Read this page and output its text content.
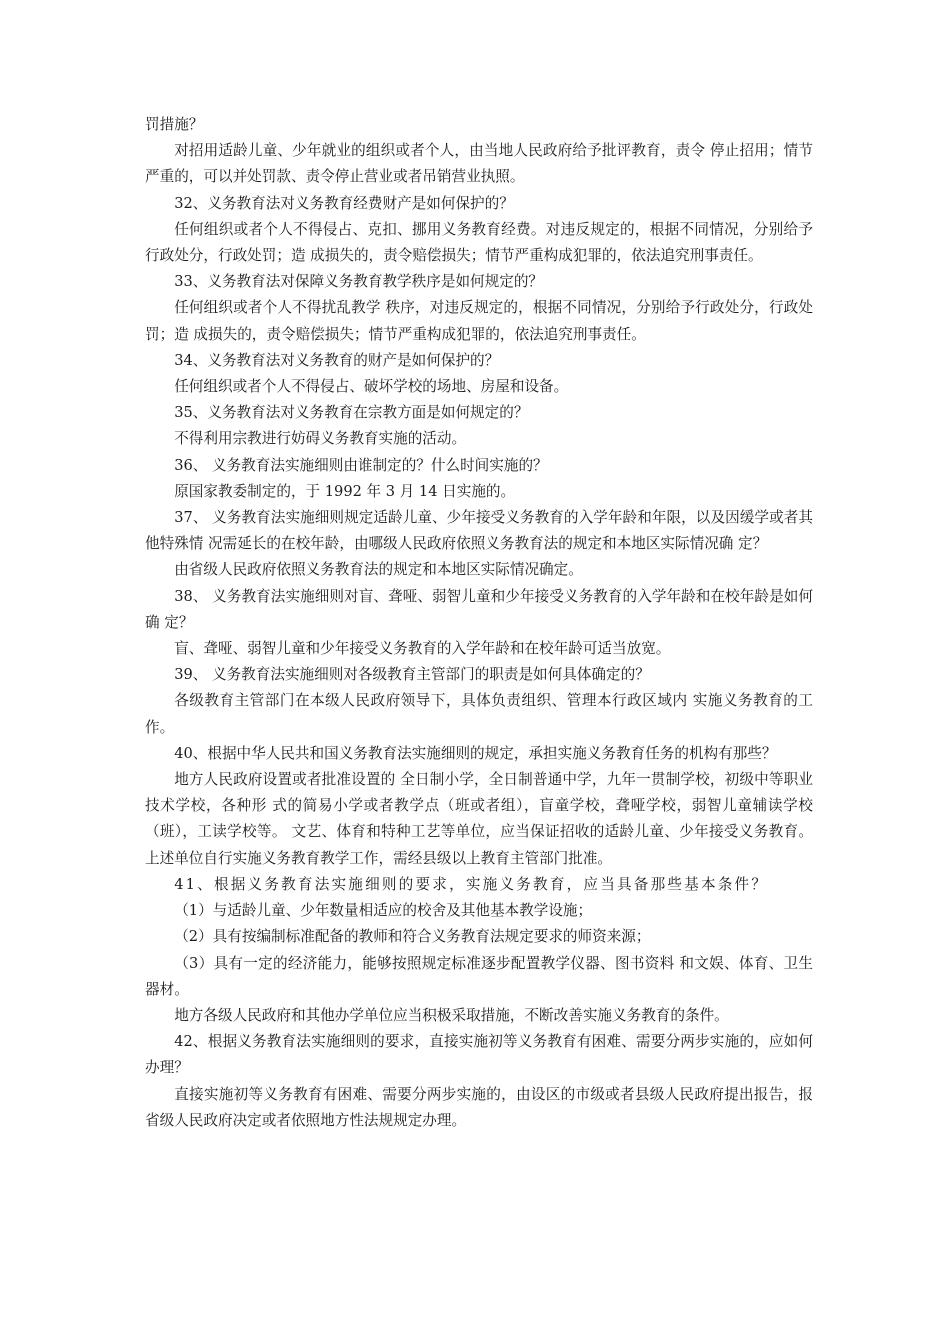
罚措施？

对招用适龄儿童、少年就业的组织或者个人，由当地人民政府给予批评教育，责令 停止招用；情节严重的，可以并处罚款、责令停止营业或者吊销营业执照。

32、义务教育法对义务教育经费财产是如何保护的？

任何组织或者个人不得侵占、克扣、挪用义务教育经费。对违反规定的，根据不同情况，分别给予行政处分，行政处罚；造 成损失的，责令赔偿损失；情节严重构成犯罪的，依法追究刑事责任。

33、义务教育法对保障义务教育教学秩序是如何规定的？

任何组织或者个人不得扰乱教学 秩序，对违反规定的，根据不同情况，分别给予行政处分，行政处罚；造 成损失的，责令赔偿损失；情节严重构成犯罪的，依法追究刑事责任。

34、义务教育法对义务教育的财产是如何保护的？

任何组织或者个人不得侵占、破坏学校的场地、房屋和设备。

35、义务教育法对义务教育在宗教方面是如何规定的？

不得利用宗教进行妨碍义务教育实施的活动。

36、 义务教育法实施细则由谁制定的？什么时间实施的？

原国家教委制定的，于 1992 年 3 月 14 日实施的。

37、 义务教育法实施细则规定适龄儿童、少年接受义务教育的入学年龄和年限，以及因缓学或者其他特殊情 况需延长的在校年龄，由哪级人民政府依照义务教育法的规定和本地区实际情况确 定？

由省级人民政府依照义务教育法的规定和本地区实际情况确定。

38、 义务教育法实施细则对盲、聋哑、弱智儿童和少年接受义务教育的入学年龄和在校年龄是如何确 定？

盲、聋哑、弱智儿童和少年接受义务教育的入学年龄和在校年龄可适当放宽。

39、 义务教育法实施细则对各级教育主管部门的职责是如何具体确定的？

各级教育主管部门在本级人民政府领导下，具体负责组织、管理本行政区域内 实施义务教育的工作。

40、根据中华人民共和国义务教育法实施细则的规定，承担实施义务教育任务的机构有那些？

地方人民政府设置或者批准设置的 全日制小学，全日制普通中学，九年一贯制学校，初级中等职业技术学校，各种形 式的简易小学或者教学点（班或者组），盲童学校，聋哑学校，弱智儿童辅读学校 （班），工读学校等。 文艺、体育和特种工艺等单位，应当保证招收的适龄儿童、少年接受义务教育。 上述单位自行实施义务教育教学工作，需经县级以上教育主管部门批准。

41、根据义务教育法实施细则的要求，实施义务教育，应当具备那些基本条件？

（1）与适龄儿童、少年数量相适应的校舍及其他基本教学设施；

（2）具有按编制标准配备的教师和符合义务教育法规定要求的师资来源；

（3）具有一定的经济能力，能够按照规定标准逐步配置教学仪器、图书资料 和文娱、体育、卫生器材。

地方各级人民政府和其他办学单位应当积极采取措施，不断改善实施义务教育的条件。

42、根据义务教育法实施细则的要求，直接实施初等义务教育有困难、需要分两步实施的，应如何办理？

直接实施初等义务教育有困难、需要分两步实施的，由设区的市级或者县级人民政府提出报告，报省级人民政府决定或者依照地方性法规规定办理。
